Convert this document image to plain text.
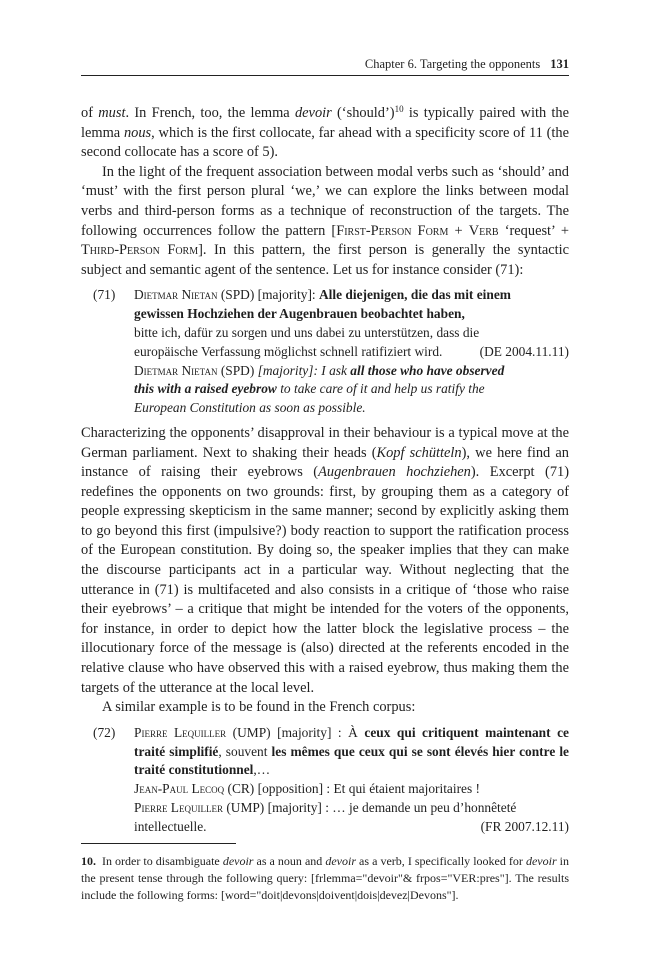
Chapter 6. Targeting the opponents 131

of must. In French, too, the lemma devoir (‘should’)$^{10}$ is typically paired with the lemma nous, which is the first collocate, far ahead with a specificity score of 11 (the second collocate has a score of 5).

In the light of the frequent association between modal verbs such as ‘should’ and ‘must’ with the first person plural ‘we,’ we can explore the links between modal verbs and third-person forms as a technique of reconstruction of the targets. The following occurrences follow the pattern [First-Person Form + Verb ‘request’ + Third-Person Form]. In this pattern, the first person is generally the syntactic subject and semantic agent of the sentence. Let us for instance consider (71):

(71) Dietmar Nietan (SPD) [majority]: Alle diejenigen, die das mit einem gewissen Hochziehen der Augenbrauen beobachtet haben,
bitte ich, dafür zu sorgen und uns dabei zu unterstützen, dass die
europäische Verfassung möglichst schnell ratifiziert wird.	(DE 2004.11.11)
Dietmar Nietan (SPD) [majority]: I ask all those who have observed this with a raised eyebrow to take care of it and help us ratify the European Constitution as soon as possible.

Characterizing the opponents’ disapproval in their behaviour is a typical move at the German parliament. Next to shaking their heads (Kopf schütteln), we here find an instance of raising their eyebrows (Augenbrauen hochziehen). Excerpt (71) redefines the opponents on two grounds: first, by grouping them as a category of people expressing skepticism in the same manner; second by explicitly asking them to go beyond this first (impulsive?) body reaction to support the ratification process of the European constitution. By doing so, the speaker implies that they can make the discourse participants act in a particular way. Without neglecting that the utterance in (71) is multifaceted and also consists in a critique of ‘those who raise their eyebrows’ – a critique that might be intended for the voters of the opponents, for instance, in order to depict how the latter block the legislative process – the illocutionary force of the message is (also) directed at the referents encoded in the relative clause who have observed this with a raised eyebrow, thus making them the targets of the utterance at the local level.

A similar example is to be found in the French corpus:

(72) Pierre Lequiller (UMP) [majority] : À ceux qui critiquent maintenant ce traité simplifié, souvent les mêmes que ceux qui se sont élevés hier contre le traité constitutionnel,…
Jean-Paul Lecoq (CR) [opposition] : Et qui étaient majoritaires !
Pierre Lequiller (UMP) [majority] : … je demande un peu d’honnêteté
intellectuelle.	(FR 2007.12.11)
10. In order to disambiguate devoir as a noun and devoir as a verb, I specifically looked for devoir in the present tense through the following query: [frlemma="devoir"& frpos="VER:pres"]. The results include the following forms: [word="doit|devons|doivent|dois|devez|Devons"].
